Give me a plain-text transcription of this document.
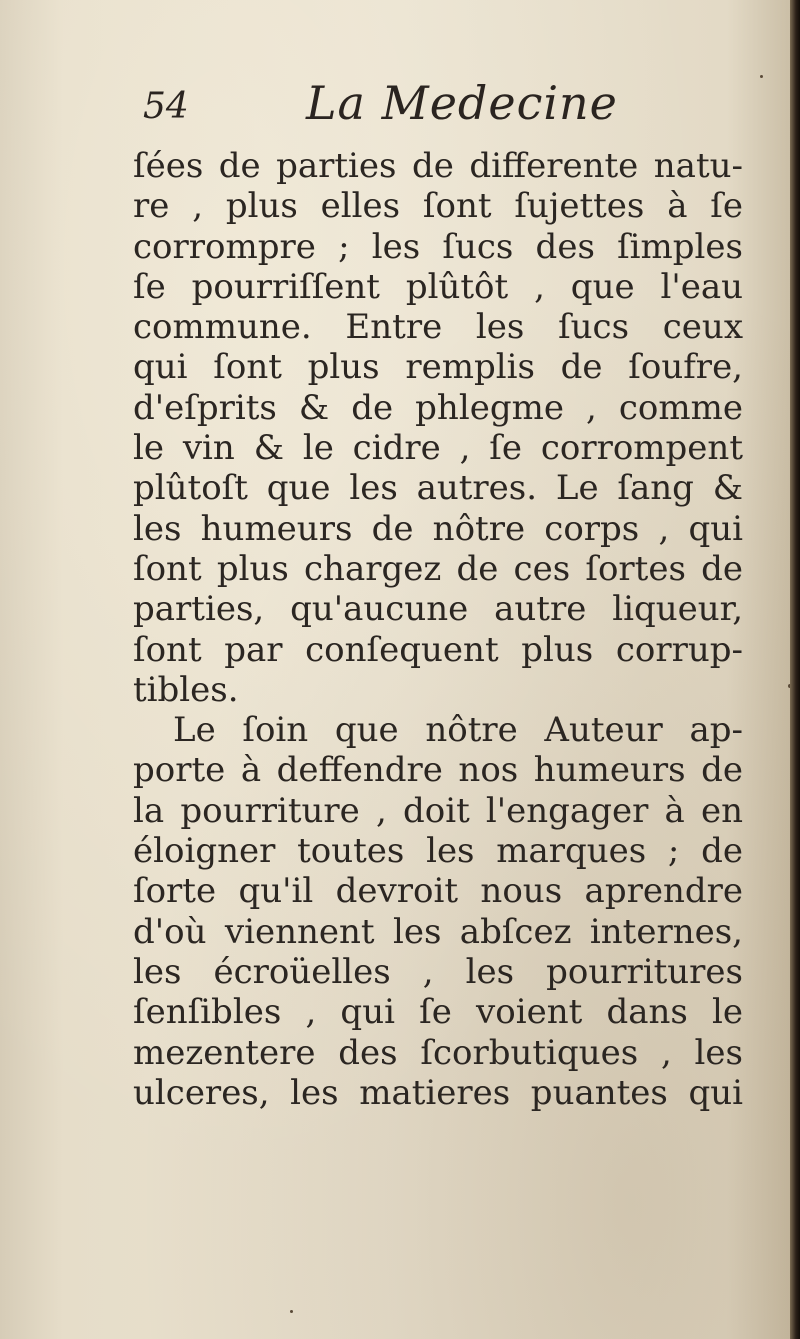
54	La Medecine
ſées de parties de differente natu-
re , plus elles ſont ſujettes à ſe
corrompre ; les ſucs des ſimples
ſe pourriſſent plûtôt , que l'eau
commune. Entre les ſucs ceux
qui ſont plus remplis de ſoufre,
d'eſprits & de phlegme , comme
le vin & le cidre , ſe corrompent
plûtoſt que les autres. Le ſang &
les humeurs de nôtre corps , qui
ſont plus chargez de ces ſortes de
parties, qu'aucune autre liqueur,
ſont par conſequent plus corrup-
tibles.
Le ſoin que nôtre Auteur ap-
porte à deffendre nos humeurs de
la pourriture , doit l'engager à en
éloigner toutes les marques ; de
ſorte qu'il devroit nous aprendre
d'où viennent les abſcez internes,
les écroüelles , les pourritures
ſenſibles , qui ſe voient dans le
mezentere des ſcorbutiques , les
ulceres, les matieres puantes qui
